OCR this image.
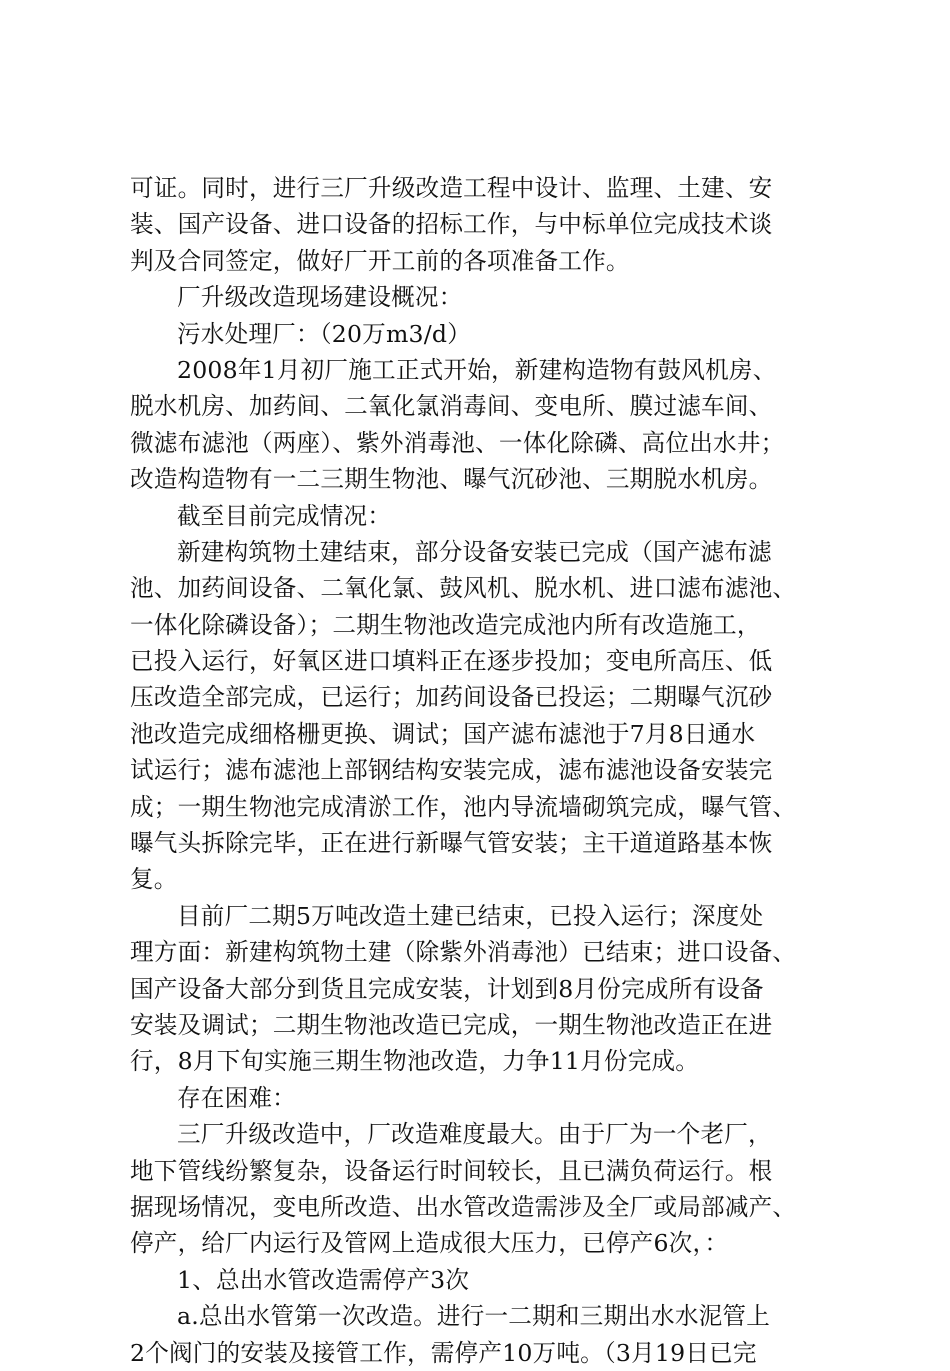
可证。同时，进行三厂升级改造工程中设计、监理、土建、安
装、国产设备、进口设备的招标工作，与中标单位完成技术谈
判及合同签定，做好厂开工前的各项准备工作。
厂升级改造现场建设概况：
污水处理厂：（20万m3/d）
2008年1月初厂施工正式开始，新建构造物有鼓风机房、
脱水机房、加药间、二氧化氯消毒间、变电所、膜过滤车间、
微滤布滤池（两座）、紫外消毒池、一体化除磷、高位出水井；
改造构造物有一二三期生物池、曝气沉砂池、三期脱水机房。
截至目前完成情况：
新建构筑物土建结束，部分设备安装已完成（国产滤布滤
池、加药间设备、二氧化氯、鼓风机、脱水机、进口滤布滤池、
一体化除磷设备）；二期生物池改造完成池内所有改造施工，
已投入运行，好氧区进口填料正在逐步投加；变电所高压、低
压改造全部完成，已运行；加药间设备已投运；二期曝气沉砂
池改造完成细格栅更换、调试；国产滤布滤池于7月8日通水
试运行；滤布滤池上部钢结构安装完成，滤布滤池设备安装完
成；一期生物池完成清淤工作，池内导流墙砌筑完成，曝气管、
曝气头拆除完毕，正在进行新曝气管安装；主干道道路基本恢
复。
目前厂二期5万吨改造土建已结束，已投入运行；深度处
理方面：新建构筑物土建（除紫外消毒池）已结束；进口设备、
国产设备大部分到货且完成安装，计划到8月份完成所有设备
安装及调试；二期生物池改造已完成，一期生物池改造正在进
行，8月下旬实施三期生物池改造，力争11月份完成。
存在困难：
三厂升级改造中，厂改造难度最大。由于厂为一个老厂，
地下管线纷繁复杂，设备运行时间较长，且已满负荷运行。根
据现场情况，变电所改造、出水管改造需涉及全厂或局部减产、
停产，给厂内运行及管网上造成很大压力，已停产6次，：
1、总出水管改造需停产3次
a.总出水管第一次改造。进行一二期和三期出水水泥管上
2个阀门的安装及接管工作，需停产10万吨。（3月19日已完
